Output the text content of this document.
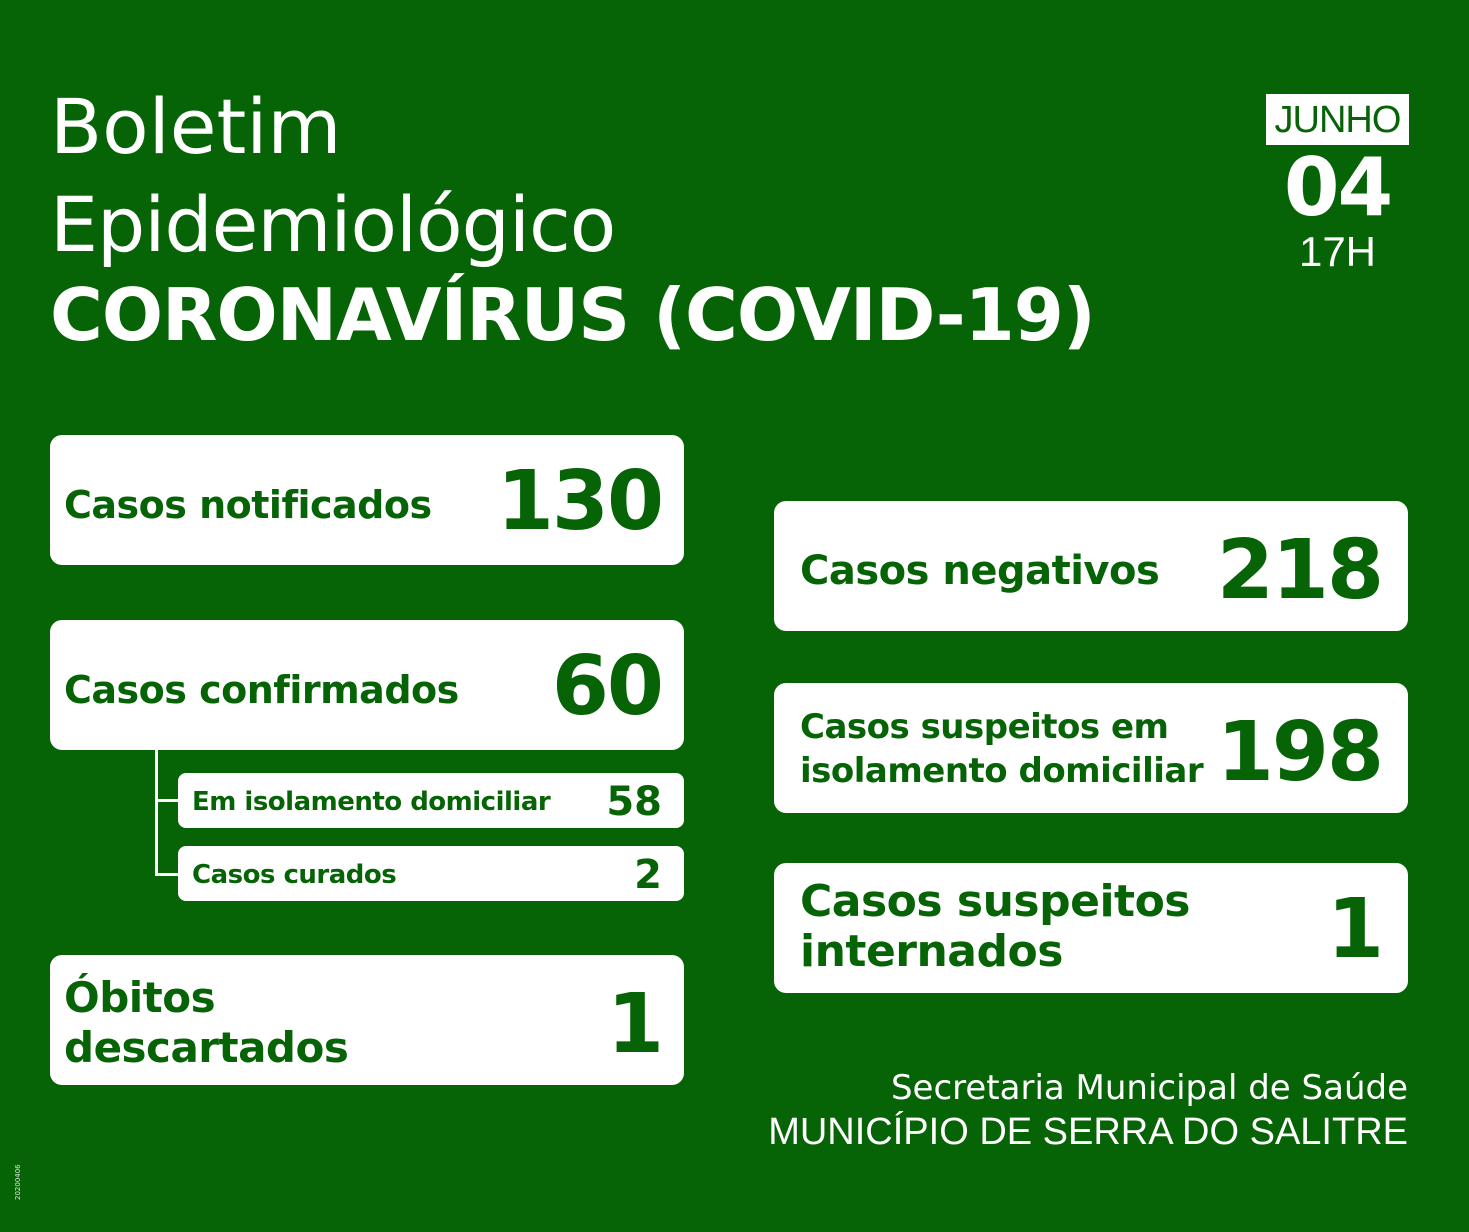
Boletim
Epidemiológico
CORONAVÍRUS (COVID-19)
JUNHO
04
17H
Casos notificados 130
Casos confirmados 60
Em isolamento domiciliar 58
Casos curados	2
Óbitos descartados	1
Casos negativos 218
Casos suspeitos em isolamento domiciliar 198
Casos suspeitos internados	1
Secretaria Municipal de Saúde
MUNICÍPIO DE SERRA DO SALITRE
20200406
